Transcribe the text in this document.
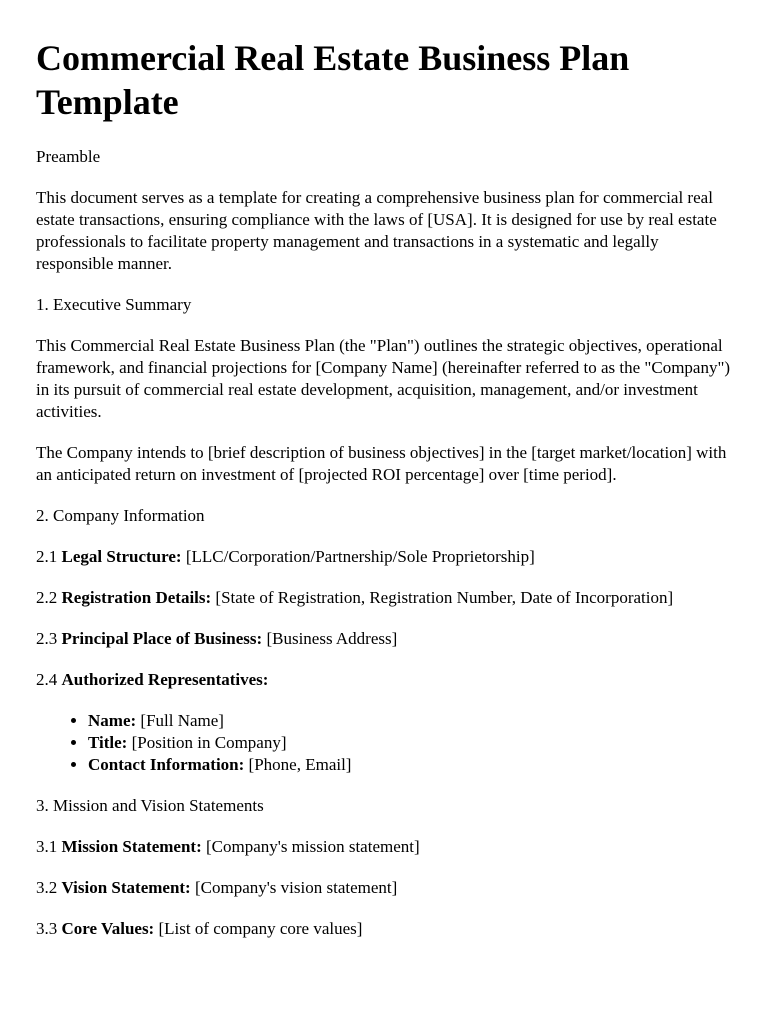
Commercial Real Estate Business Plan Template

Preamble

This document serves as a template for creating a comprehensive business plan for commercial real estate transactions, ensuring compliance with the laws of [USA]. It is designed for use by real estate professionals to facilitate property management and transactions in a systematic and legally responsible manner.

1. Executive Summary

This Commercial Real Estate Business Plan (the "Plan") outlines the strategic objectives, operational framework, and financial projections for [Company Name] (hereinafter referred to as the "Company") in its pursuit of commercial real estate development, acquisition, management, and/or investment activities.

The Company intends to [brief description of business objectives] in the [target market/location] with an anticipated return on investment of [projected ROI percentage] over [time period].

2. Company Information

2.1 Legal Structure: [LLC/Corporation/Partnership/Sole Proprietorship]

2.2 Registration Details: [State of Registration, Registration Number, Date of Incorporation]

2.3 Principal Place of Business: [Business Address]

2.4 Authorized Representatives:

• Name: [Full Name]
• Title: [Position in Company]
• Contact Information: [Phone, Email]

3. Mission and Vision Statements

3.1 Mission Statement: [Company's mission statement]

3.2 Vision Statement: [Company's vision statement]

3.3 Core Values: [List of company core values]
